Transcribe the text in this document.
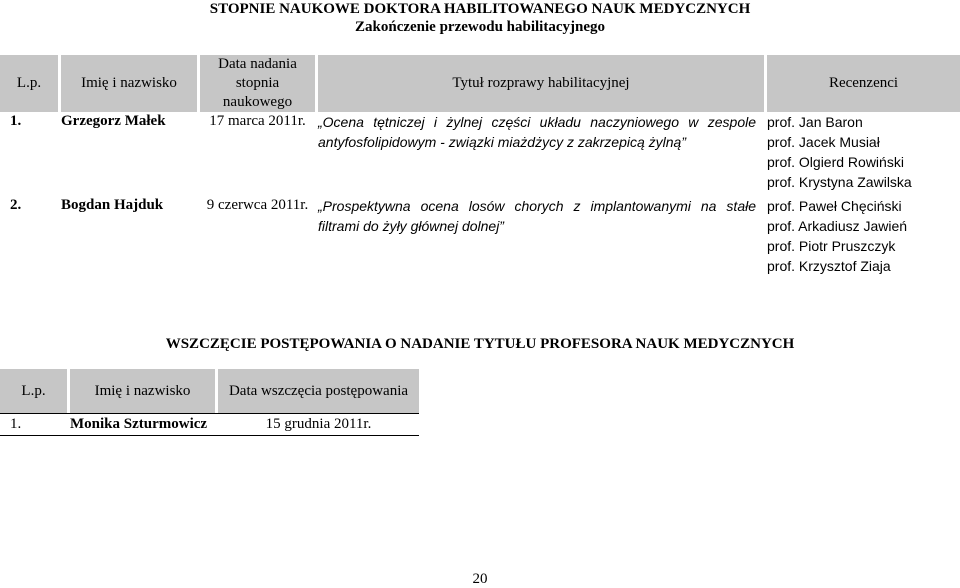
STOPNIE NAUKOWE DOKTORA HABILITOWANEGO NAUK MEDYCZNYCH
Zakończenie przewodu habilitacyjnego
L.p.		Imię i nazwisko		Data nadania stopnia naukowego		Tytuł rozprawy habilitacyjnej		Recenzenci
1.		Grzegorz Małek		17 marca 2011r.		„Ocena tętniczej i żylnej części układu naczyniowego w zespole antyfosfolipidowym - związki miażdżycy z zakrzepicą żylną”		prof. Jan Baron
prof. Jacek Musiał
prof. Olgierd Rowiński
prof. Krystyna Zawilska

2.		Bogdan Hajduk		9 czerwca 2011r.		„Prospektywna ocena losów chorych z implantowanymi na stałe filtrami do żyły głównej dolnej”		prof. Paweł Chęciński
prof. Arkadiusz Jawień
prof. Piotr Pruszczyk
prof. Krzysztof Ziaja
WSZCZĘCIE POSTĘPOWANIA O NADANIE TYTUŁU PROFESORA NAUK MEDYCZNYCH
L.p.		Imię i nazwisko		Data wszczęcia postępowania
1.		Monika Szturmowicz		15 grudnia 2011r.
20
